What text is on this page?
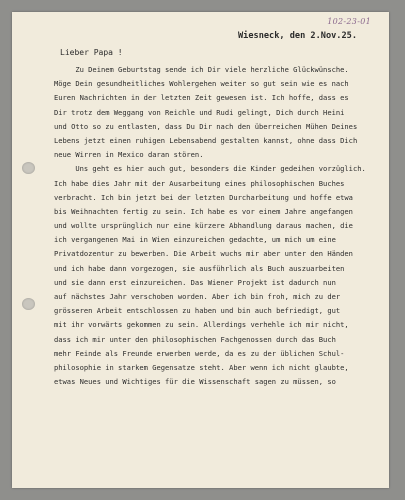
102-23-01
Wiesneck, den 2.Nov.25.
Lieber Papa !
Zu Deinem Geburtstag sende ich Dir viele herzliche Glückwünsche.
Möge Dein gesundheitliches Wohlergehen weiter so gut sein wie es nach
Euren Nachrichten in der letzten Zeit gewesen ist. Ich hoffe, dass es
Dir trotz dem Weggang von Reichle und Rudi gelingt, Dich durch Heini
und Otto so zu entlasten, dass Du Dir nach den überreichen Mühen Deines
Lebens jetzt einen ruhigen Lebensabend gestalten kannst, ohne dass Dich
neue Wirren in Mexico daran stören.
Uns geht es hier auch gut, besonders die Kinder gedeihen vorzüglich.
Ich habe dies Jahr mit der Ausarbeitung eines philosophischen Buches
verbracht. Ich bin jetzt bei der letzten Durcharbeitung und hoffe etwa
bis Weihnachten fertig zu sein. Ich habe es vor einem Jahre angefangen
und wollte ursprünglich nur eine kürzere Abhandlung daraus machen, die
ich vergangenen Mai in Wien einzureichen gedachte, um mich um eine
Privatdozentur zu bewerben. Die Arbeit wuchs mir aber unter den Händen
und ich habe dann vorgezogen, sie ausführlich als Buch auszuarbeiten
und sie dann erst einzureichen. Das Wiener Projekt ist dadurch nun
auf nächstes Jahr verschoben worden. Aber ich bin froh, mich zu der
grösseren Arbeit entschlossen zu haben und bin auch befriedigt, gut
mit ihr vorwärts gekommen zu sein. Allerdings verhehle ich mir nicht,
dass ich mir unter den philosophischen Fachgenossen durch das Buch
mehr Feinde als Freunde erwerben werde, da es zu der üblichen Schul-
philosophie in starkem Gegensatze steht. Aber wenn ich nicht glaubte,
etwas Neues und Wichtiges für die Wissenschaft sagen zu müssen, so
